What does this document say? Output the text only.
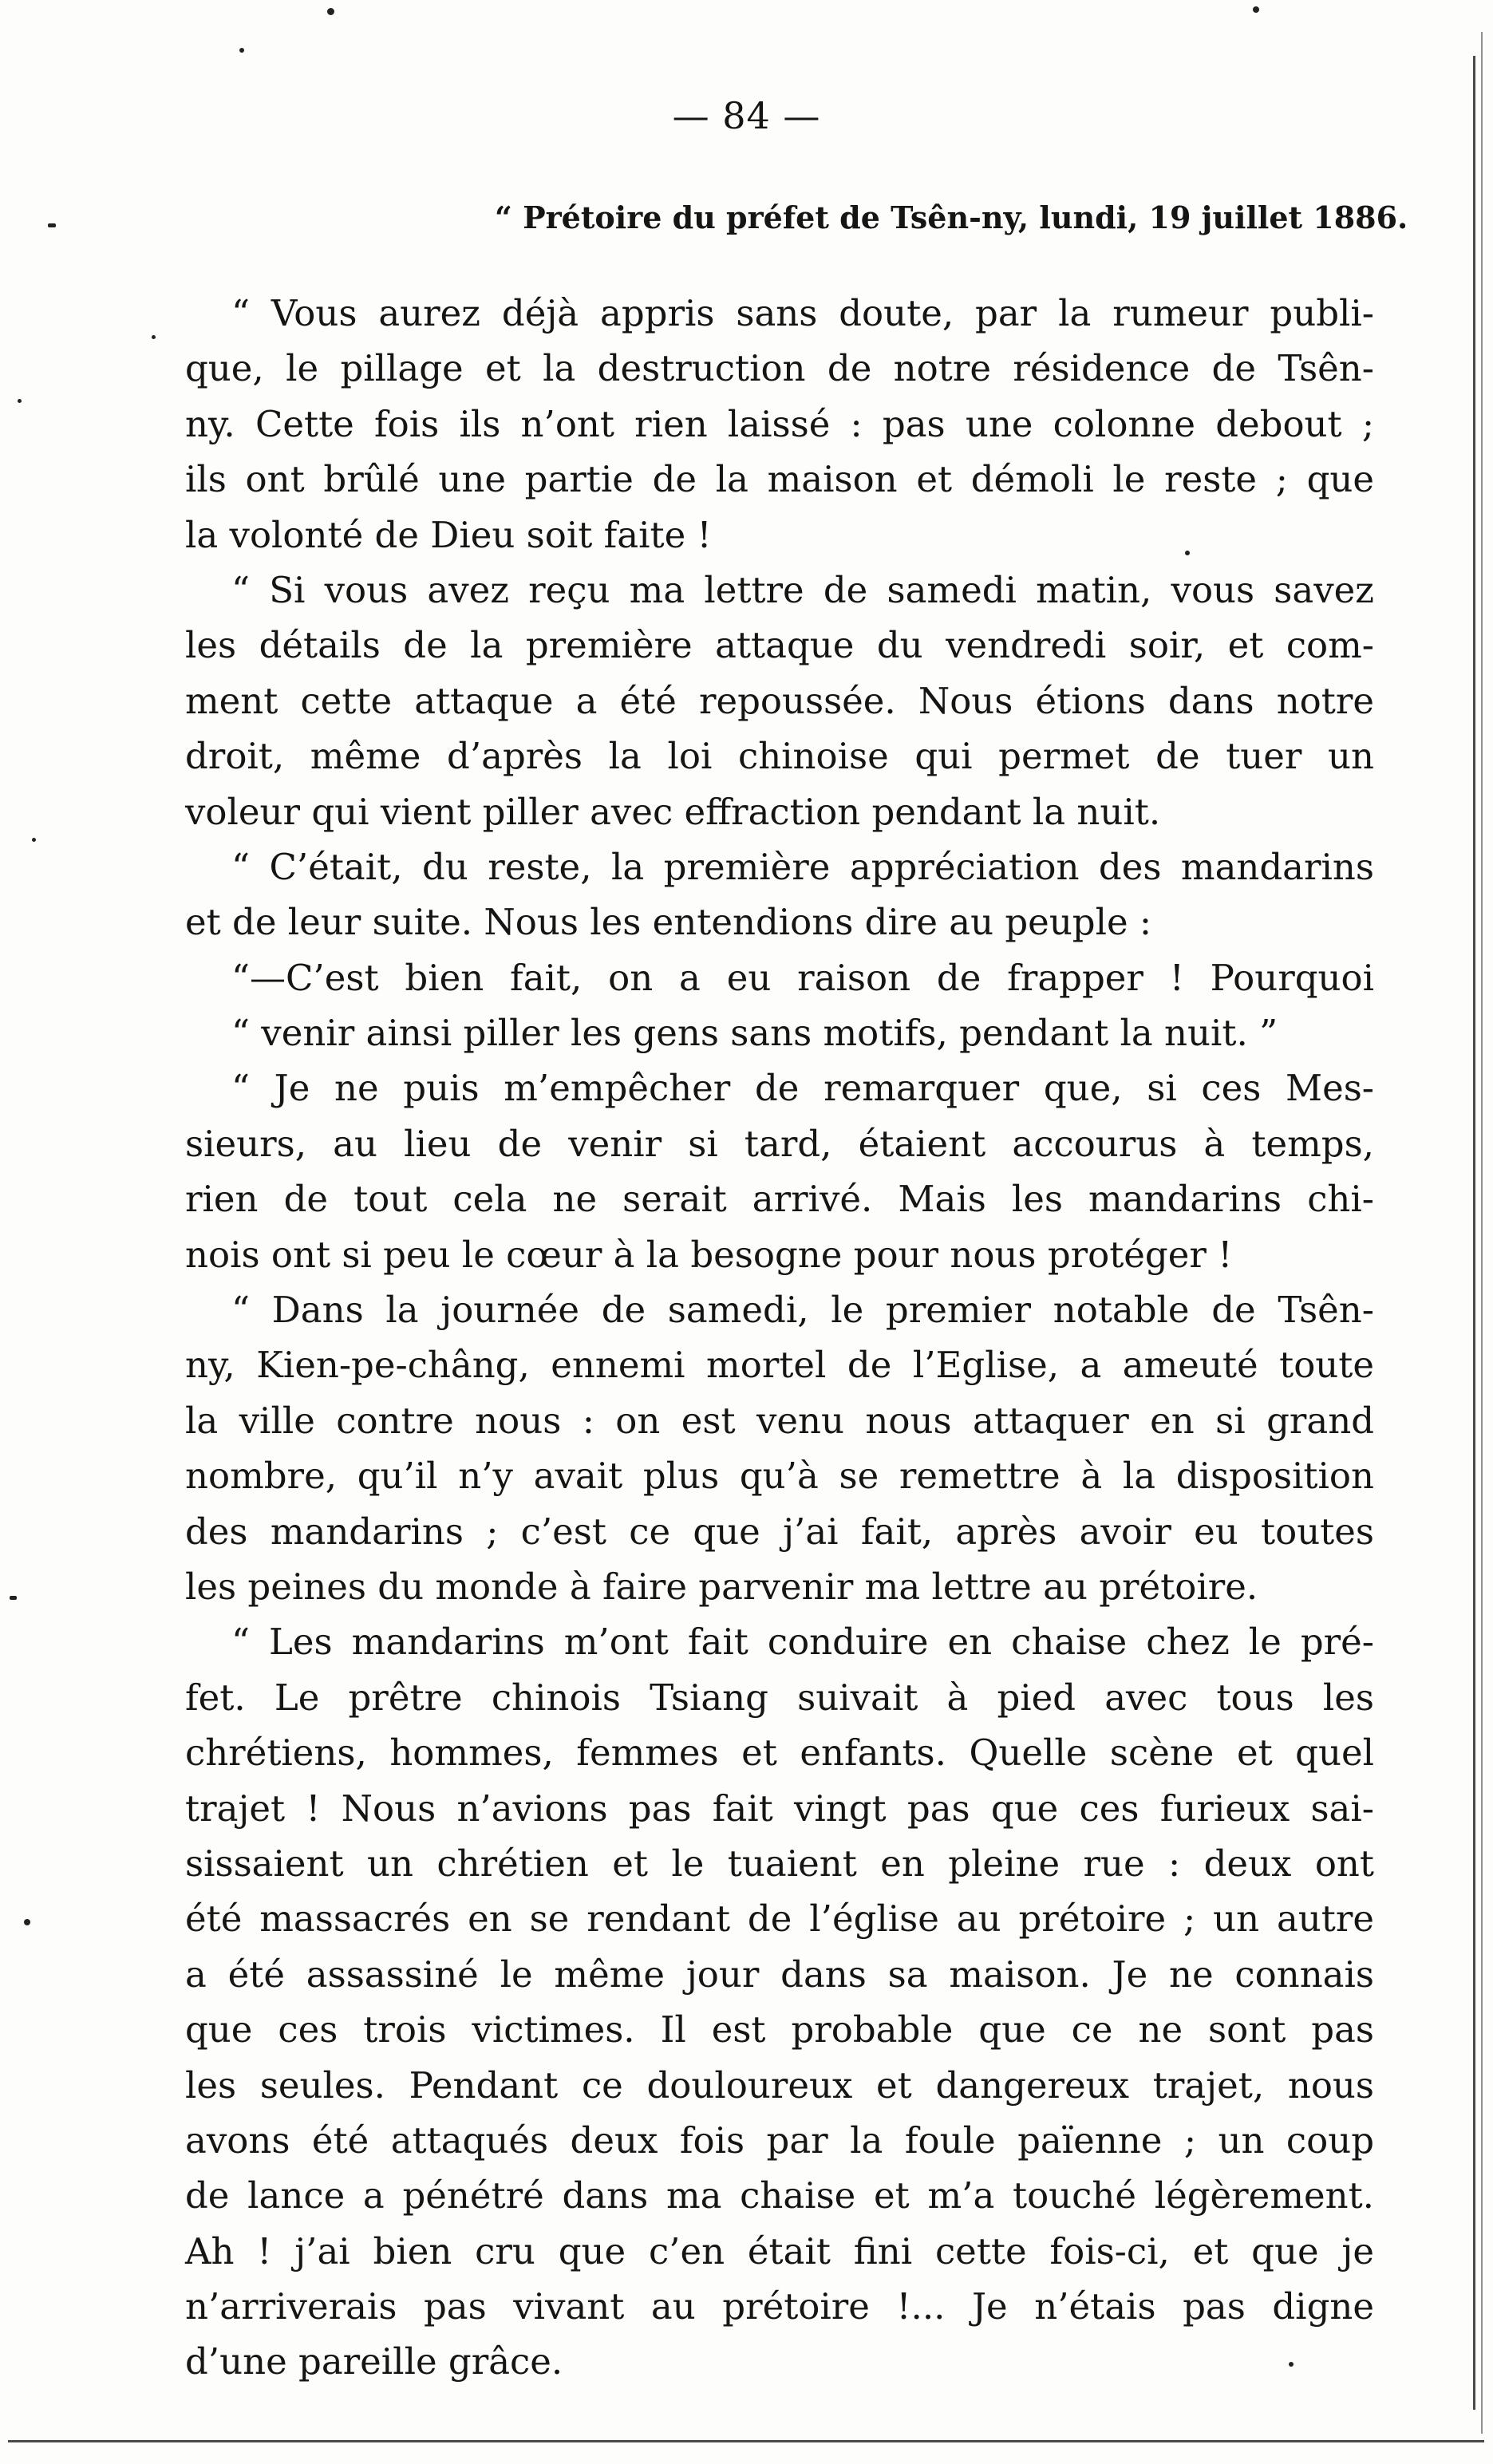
— 84 —
“ Prétoire du préfet de Tsên-ny, lundi, 19 juillet 1886.
“ Vous aurez déjà appris sans doute, par la rumeur publi-
que, le pillage et la destruction de notre résidence de Tsên-
ny. Cette fois ils n’ont rien laissé : pas une colonne debout ;
ils ont brûlé une partie de la maison et démoli le reste ; que
la volonté de Dieu soit faite !
“ Si vous avez reçu ma lettre de samedi matin, vous savez
les détails de la première attaque du vendredi soir, et com-
ment cette attaque a été repoussée. Nous étions dans notre
droit, même d’après la loi chinoise qui permet de tuer un
voleur qui vient piller avec effraction pendant la nuit.
“ C’était, du reste, la première appréciation des mandarins
et de leur suite. Nous les entendions dire au peuple :
“—C’est bien fait, on a eu raison de frapper ! Pourquoi
“ venir ainsi piller les gens sans motifs, pendant la nuit. ”
“ Je ne puis m’empêcher de remarquer que, si ces Mes-
sieurs, au lieu de venir si tard, étaient accourus à temps,
rien de tout cela ne serait arrivé. Mais les mandarins chi-
nois ont si peu le cœur à la besogne pour nous protéger !
“ Dans la journée de samedi, le premier notable de Tsên-
ny, Kien-pe-châng, ennemi mortel de l’Eglise, a ameuté toute
la ville contre nous : on est venu nous attaquer en si grand
nombre, qu’il n’y avait plus qu’à se remettre à la disposition
des mandarins ; c’est ce que j’ai fait, après avoir eu toutes
les peines du monde à faire parvenir ma lettre au prétoire.
“ Les mandarins m’ont fait conduire en chaise chez le pré-
fet. Le prêtre chinois Tsiang suivait à pied avec tous les
chrétiens, hommes, femmes et enfants. Quelle scène et quel
trajet ! Nous n’avions pas fait vingt pas que ces furieux sai-
sissaient un chrétien et le tuaient en pleine rue : deux ont
été massacrés en se rendant de l’église au prétoire ; un autre
a été assassiné le même jour dans sa maison. Je ne connais
que ces trois victimes. Il est probable que ce ne sont pas
les seules. Pendant ce douloureux et dangereux trajet, nous
avons été attaqués deux fois par la foule païenne ; un coup
de lance a pénétré dans ma chaise et m’a touché légèrement.
Ah ! j’ai bien cru que c’en était fini cette fois-ci, et que je
n’arriverais pas vivant au prétoire !... Je n’étais pas digne
d’une pareille grâce.
